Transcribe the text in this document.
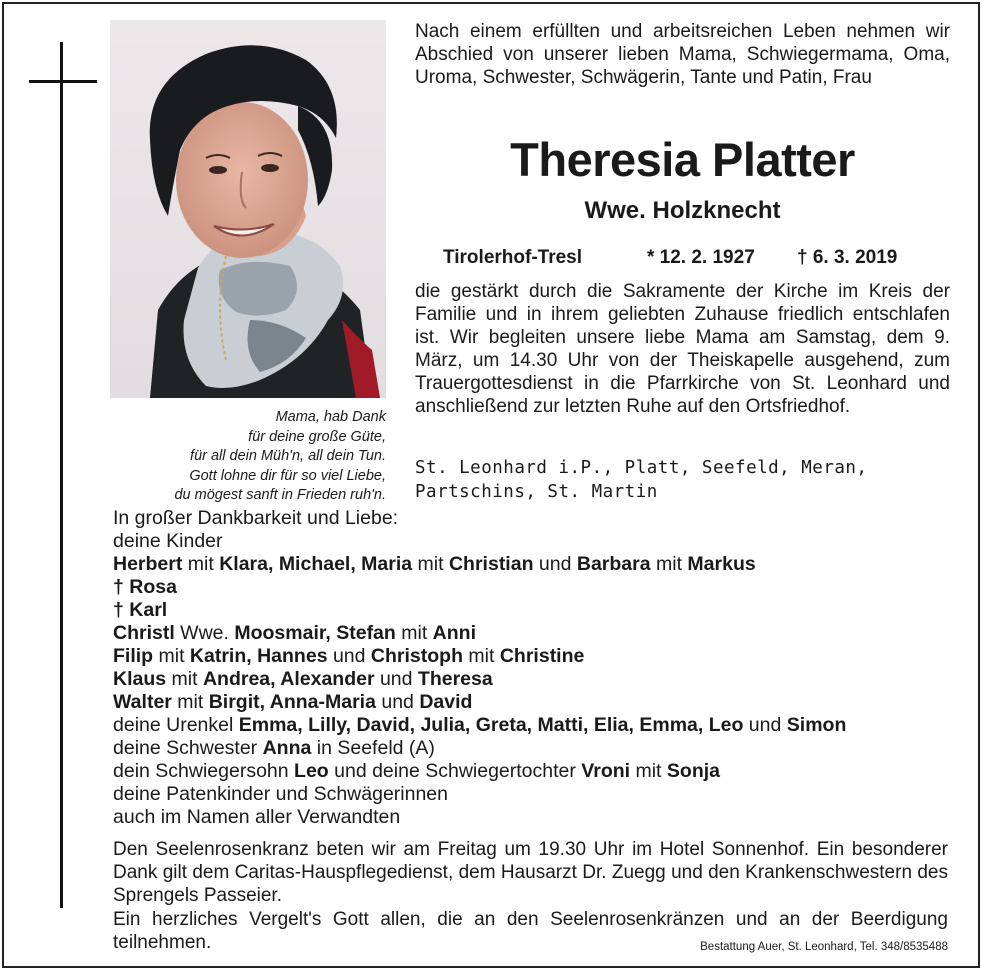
Mama, hab Dank
für deine große Güte,
für all dein Müh'n, all dein Tun.
Gott lohne dir für so viel Liebe,
du mögest sanft in Frieden ruh'n.
Nach einem erfüllten und arbeitsreichen Leben nehmen wir Abschied von unserer lieben Mama, Schwiegermama, Oma, Uroma, Schwester, Schwägerin, Tante und Patin, Frau
Theresia Platter
Wwe. Holzknecht
Tirolerhof-Tresl	* 12. 2. 1927 † 6. 3. 2019
die gestärkt durch die Sakramente der Kirche im Kreis der Familie und in ihrem geliebten Zuhause friedlich entschlafen ist. Wir begleiten unsere liebe Mama am Samstag, dem 9. März, um 14.30 Uhr von der Theiskapelle ausgehend, zum Trauergottesdienst in die Pfarrkirche von St. Leonhard und anschließend zur letzten Ruhe auf den Ortsfriedhof.
St. Leonhard i.P., Platt, Seefeld, Meran, Partschins, St. Martin
In großer Dankbarkeit und Liebe:
deine Kinder
Herbert mit Klara, Michael, Maria mit Christian und Barbara mit Markus
† Rosa
† Karl
Christl Wwe. Moosmair, Stefan mit Anni
Filip mit Katrin, Hannes und Christoph mit Christine
Klaus mit Andrea, Alexander und Theresa
Walter mit Birgit, Anna-Maria und David
deine Urenkel Emma, Lilly, David, Julia, Greta, Matti, Elia, Emma, Leo und Simon
deine Schwester Anna in Seefeld (A)
dein Schwiegersohn Leo und deine Schwiegertochter Vroni mit Sonja
deine Patenkinder und Schwägerinnen
auch im Namen aller Verwandten
Den Seelenrosenkranz beten wir am Freitag um 19.30 Uhr im Hotel Sonnenhof. Ein besonderer Dank gilt dem Caritas-Hauspflegedienst, dem Hausarzt Dr. Zuegg und den Krankenschwestern des Sprengels Passeier.
Ein herzliches Vergelt's Gott allen, die an den Seelenrosenkränzen und an der Beerdigung teilnehmen.	Bestattung Auer, St. Leonhard, Tel. 348/8535488
